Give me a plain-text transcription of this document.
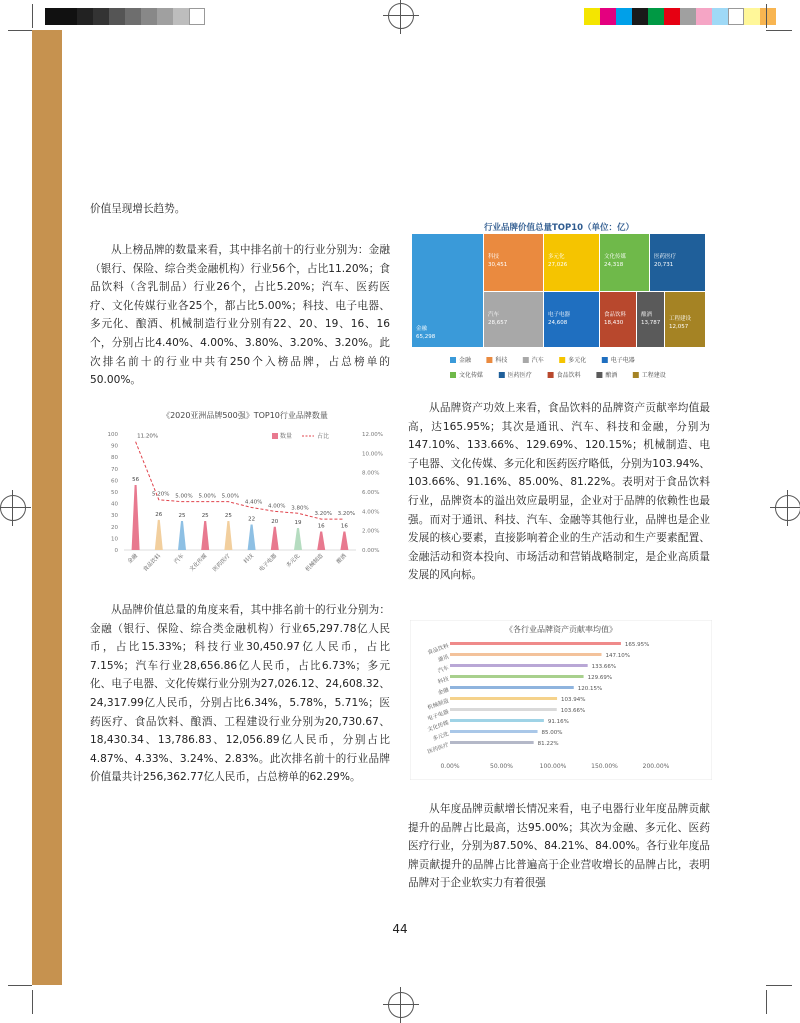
价值呈现增长趋势。

从上榜品牌的数量来看，其中排名前十的行业分别为：金融（银行、保险、综合类金融机构）行业56个，占比11.20%；食品饮料（含乳制品）行业26个，占比5.20%；汽车、医药医疗、文化传媒行业各25个，都占比5.00%；科技、电子电器、多元化、酿酒、机械制造行业分别有22、20、19、16、16个，分别占比4.40%、4.00%、3.80%、3.20%、3.20%。此次排名前十的行业中共有250个入榜品牌，占总榜单的50.00%。

从品牌价值总量的角度来看，其中排名前十的行业分别为：金融（银行、保险、综合类金融机构）行业65,297.78亿人民币，占比15.33%；科技行业30,450.97亿人民币，占比7.15%；汽车行业28,656.86亿人民币，占比6.73%；多元化、电子电器、文化传媒行业分别为27,026.12、24,608.32、24,317.99亿人民币，分别占比6.34%，5.78%，5.71%；医药医疗、食品饮料、酿酒、工程建设行业分别为20,730.67、18,430.34、13,786.83、12,056.89亿人民币，分别占比4.87%、4.33%、3.24%、2.83%。此次排名前十的行业品牌价值量共计256,362.77亿人民币，占总榜单的62.29%。

从品牌资产功效上来看，食品饮料的品牌资产贡献率均值最高，达165.95%；其次是通讯、汽车、科技和金融，分别为147.10%、133.66%、129.69%、120.15%；机械制造、电子电器、文化传媒、多元化和医药医疗略低，分别为103.94%、103.66%、91.16%、85.00%、81.22%。表明对于食品饮料行业，品牌资本的溢出效应最明显，企业对于品牌的依赖性也最强。而对于通讯、科技、汽车、金融等其他行业，品牌也是企业发展的核心要素，直接影响着企业的生产活动和生产要素配置、金融活动和资本投向、市场活动和营销战略制定，是企业高质量发展的风向标。

从年度品牌贡献增长情况来看，电子电器行业年度品牌贡献提升的品牌占比最高，达95.00%；其次为金融、多元化、医药医疗行业，分别为87.50%、84.21%、84.00%。各行业年度品牌贡献提升的品牌占比普遍高于企业营收增长的品牌占比，表明品牌对于企业软实力有着很强

《2020亚洲品牌500强》TOP10行业品牌数量
0
10
20
30
40
50
60
70
80
90
100
0.00%
2.00%
4.00%
6.00%
8.00%
10.00%
12.00%
数量	占比
56
金融
26
食品饮料
25
汽车
25
文化传媒
25
医药医疗
22
科技
20
电子电器
19
多元化
16
机械制造
16
酿酒
11.20%
5.20% 5.00% 5.00% 5.00%
4.40%
4.00% 3.80%
3.20% 3.20%
行业品牌价值总量TOP10（单位：亿）
金融
65,298
科技
30,451
汽车
28,657
多元化
27,026
电子电器
24,608
文化传媒
24,318
医药医疗
20,731
食品饮料
18,430
酿酒
13,787
工程建设
12,057
金融	科技	汽车	多元化	电子电器
文化传媒	医药医疗	食品饮料	酿酒	工程建设
《各行业品牌资产贡献率均值》
165.95%
食品饮料	147.10%
通讯
133.66%
汽车
129.69%
科技
120.15%
金融
103.94%
机械制造	103.66%
电子电器	91.16%
文化传媒	85.00%
多元化
81.22%
医药医疗
0.00%	50.00%	100.00%	150.00%	200.00%
44
